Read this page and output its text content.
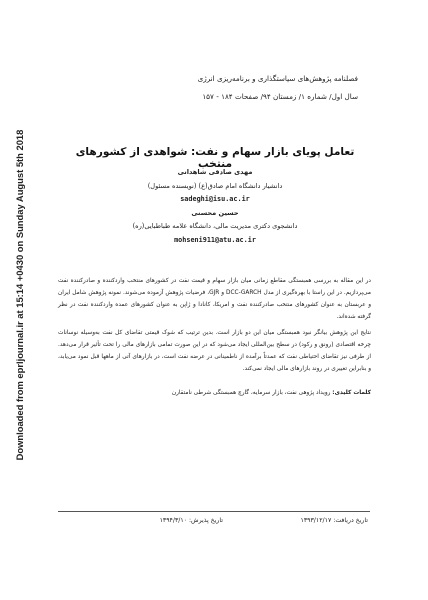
Downloaded from eprljournal.ir at 15:14 +0430 on Sunday August 5th 2018
فصلنامه پژوهش‌های سیاستگذاری و برنامه‌ریزی انرژی
سال اول/ شماره ۱/ زمستان ۹۴/ صفحات ۱۸۴ - ۱۵۷
تعامل پویای بازار سهام و نفت: شواهدی از کشورهای منتخب
مهدی صادقی شاهدانی
دانشیار دانشگاه امام صادق(ع) (نویسنده مسئول)
sadeghi@isu.ac.ir
حسین محسنی
دانشجوی دکتری مدیریت مالی، دانشگاه علامه طباطبایی(ره)
mohseni911@atu.ac.ir

در این مقاله به بررسی همبستگی مقاطع زمانی میان بازار سهام و قیمت نفت در کشورهای منتخب واردکننده و صادرکننده نفت می‌پردازیم. در این راستا با بهره‌گیری از مدل DCC-GARCH و GJR، فرضیات پژوهش آزموده می‌شوند. نمونه پژوهش شامل ایران و عربستان به عنوان کشورهای منتخب صادرکننده نفت و امریکا، کانادا و ژاپن به عنوان کشورهای عمده واردکننده نفت در نظر گرفته شده‌اند.

نتایج این پژوهش بیانگر نبود همبستگی میان این دو بازار است. بدین ترتیب که شوک قیمتی تقاضای کل نفت به‌وسیله نوسانات چرخه اقتصادی (رونق و رکود) در سطح بین‌المللی ایجاد می‌شود که در این صورت تمامی بازارهای مالی را تحت تأثیر قرار می‌دهد. از طرفی نیز تقاضای احتیاطی نفت که عمدتاً برآمده از ناطمینانی در عرضه نفت است، در بازارهای آتی از ماهها قبل نمود می‌یابد، و بنابراین تغییری در روند بازارهای مالی ایجاد نمی‌کند.

کلمات کلیدی: رویداد پژوهی نفت، بازار سرمایه، گارچ همبستگی شرطی نامتقارن

تاریخ دریافت: ۱۳۹۳/۱۲/۱۷
تاریخ پذیرش: ۱۳۹۴/۳/۱۰
